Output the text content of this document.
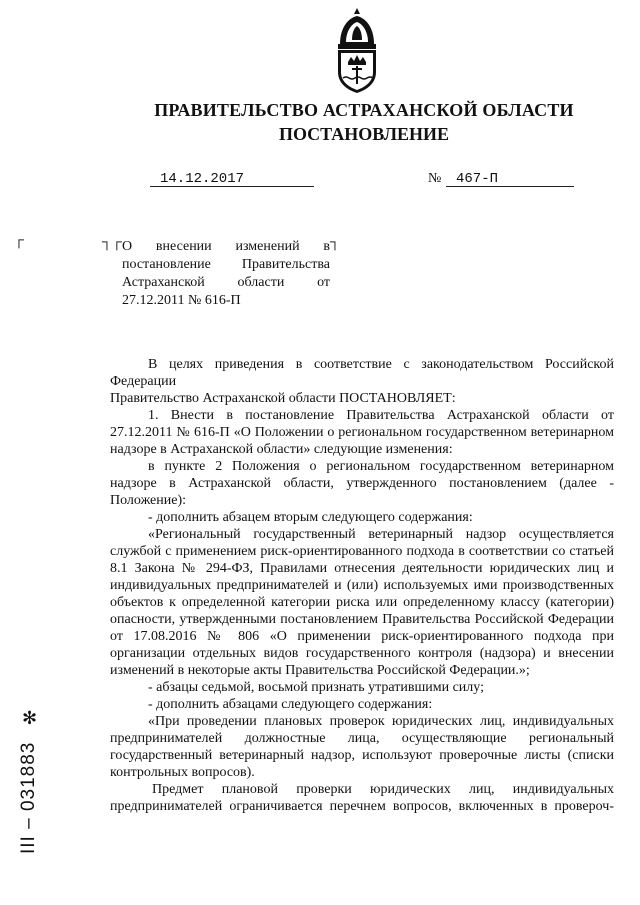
ПРАВИТЕЛЬСТВО АСТРАХАНСКОЙ ОБЛАСТИ
ПОСТАНОВЛЕНИЕ
14.12.2017	№	467-П
┌	┐┌	┐
О внесении изменений в
постановление Правительства
Астраханской области от
27.12.2011 № 616-П

В целях приведения в соответствие с законодательством Российской Федерации

Правительство Астраханской области ПОСТАНОВЛЯЕТ:

1. Внести в постановление Правительства Астраханской области от 27.12.2011 № 616-П «О Положении о региональном государственном ветеринарном надзоре в Астраханской области» следующие изменения:

в пункте 2 Положения о региональном государственном ветеринарном надзоре в Астраханской области, утвержденного постановлением (далее - Положение):

- дополнить абзацем вторым следующего содержания:

«Региональный государственный ветеринарный надзор осуществляется службой с применением риск-ориентированного подхода в соответствии со статьей 8.1 Закона № 294-ФЗ, Правилами отнесения деятельности юридических лиц и индивидуальных предпринимателей и (или) используемых ими производственных объектов к определенной категории риска или определенному классу (категории) опасности, утвержденными постановлением Правительства Российской Федерации от 17.08.2016 № 806 «О применении риск-ориентированного подхода при организации отдельных видов государственного контроля (надзора) и внесении изменений в некоторые акты Правительства Российской Федерации.»;

- абзацы седьмой, восьмой признать утратившими силу;

- дополнить абзацами следующего содержания:

«При проведении плановых проверок юридических лиц, индивидуальных предпринимателей должностные лица, осуществляющие региональный государственный ветеринарный надзор, используют проверочные листы (списки контрольных вопросов).

Предмет плановой проверки юридических лиц, индивидуальных предпринимателей ограничивается перечнем вопросов, включенных в провероч-

✻
III – 031883
